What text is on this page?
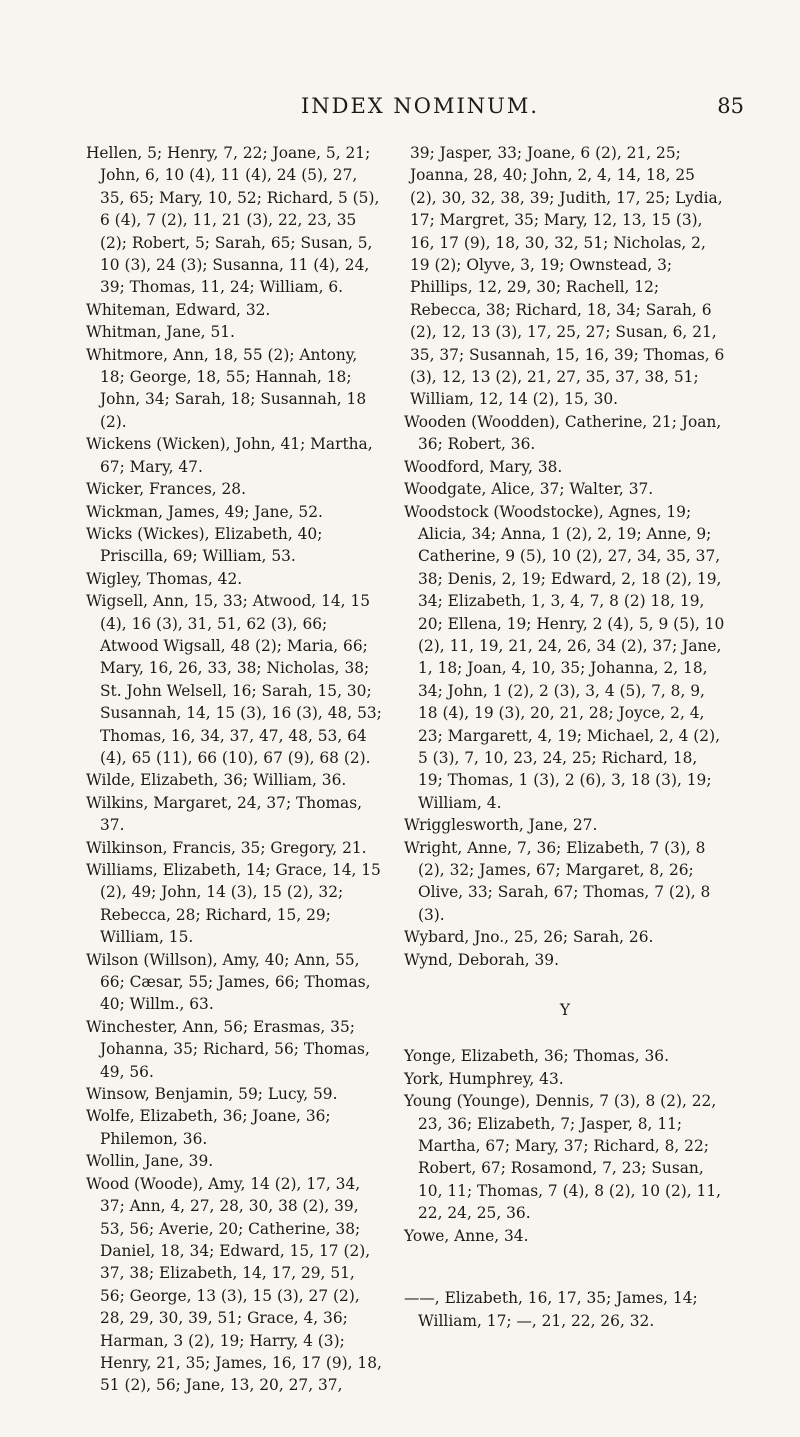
INDEX NOMINUM.	85

Hellen, 5; Henry, 7, 22; Joane, 5, 21; John, 6, 10 (4), 11 (4), 24 (5), 27, 35, 65; Mary, 10, 52; Richard, 5 (5), 6 (4), 7 (2), 11, 21 (3), 22, 23, 35 (2); Robert, 5; Sarah, 65; Susan, 5, 10 (3), 24 (3); Susanna, 11 (4), 24, 39; Thomas, 11, 24; William, 6.

Whiteman, Edward, 32.

Whitman, Jane, 51.

Whitmore, Ann, 18, 55 (2); Antony, 18; George, 18, 55; Hannah, 18; John, 34; Sarah, 18; Susannah, 18 (2).

Wickens (Wicken), John, 41; Martha, 67; Mary, 47.

Wicker, Frances, 28.

Wickman, James, 49; Jane, 52.

Wicks (Wickes), Elizabeth, 40; Priscilla, 69; William, 53.

Wigley, Thomas, 42.

Wigsell, Ann, 15, 33; Atwood, 14, 15 (4), 16 (3), 31, 51, 62 (3), 66; Atwood Wigsall, 48 (2); Maria, 66; Mary, 16, 26, 33, 38; Nicholas, 38; St. John Welsell, 16; Sarah, 15, 30; Susannah, 14, 15 (3), 16 (3), 48, 53; Thomas, 16, 34, 37, 47, 48, 53, 64 (4), 65 (11), 66 (10), 67 (9), 68 (2).

Wilde, Elizabeth, 36; William, 36.

Wilkins, Margaret, 24, 37; Thomas, 37.

Wilkinson, Francis, 35; Gregory, 21.

Williams, Elizabeth, 14; Grace, 14, 15 (2), 49; John, 14 (3), 15 (2), 32; Rebecca, 28; Richard, 15, 29; William, 15.

Wilson (Willson), Amy, 40; Ann, 55, 66; Cæsar, 55; James, 66; Thomas, 40; Willm., 63.

Winchester, Ann, 56; Erasmas, 35; Johanna, 35; Richard, 56; Thomas, 49, 56.

Winsow, Benjamin, 59; Lucy, 59.

Wolfe, Elizabeth, 36; Joane, 36; Philemon, 36.

Wollin, Jane, 39.

Wood (Woode), Amy, 14 (2), 17, 34, 37; Ann, 4, 27, 28, 30, 38 (2), 39, 53, 56; Averie, 20; Catherine, 38; Daniel, 18, 34; Edward, 15, 17 (2), 37, 38; Elizabeth, 14, 17, 29, 51, 56; George, 13 (3), 15 (3), 27 (2), 28, 29, 30, 39, 51; Grace, 4, 36; Harman, 3 (2), 19; Harry, 4 (3); Henry, 21, 35; James, 16, 17 (9), 18, 51 (2), 56; Jane, 13, 20, 27, 37,

39; Jasper, 33; Joane, 6 (2), 21, 25; Joanna, 28, 40; John, 2, 4, 14, 18, 25 (2), 30, 32, 38, 39; Judith, 17, 25; Lydia, 17; Margret, 35; Mary, 12, 13, 15 (3), 16, 17 (9), 18, 30, 32, 51; Nicholas, 2, 19 (2); Olyve, 3, 19; Ownstead, 3; Phillips, 12, 29, 30; Rachell, 12; Rebecca, 38; Richard, 18, 34; Sarah, 6 (2), 12, 13 (3), 17, 25, 27; Susan, 6, 21, 35, 37; Susannah, 15, 16, 39; Thomas, 6 (3), 12, 13 (2), 21, 27, 35, 37, 38, 51; William, 12, 14 (2), 15, 30.

Wooden (Woodden), Catherine, 21; Joan, 36; Robert, 36.

Woodford, Mary, 38.

Woodgate, Alice, 37; Walter, 37.

Woodstock (Woodstocke), Agnes, 19; Alicia, 34; Anna, 1 (2), 2, 19; Anne, 9; Catherine, 9 (5), 10 (2), 27, 34, 35, 37, 38; Denis, 2, 19; Edward, 2, 18 (2), 19, 34; Elizabeth, 1, 3, 4, 7, 8 (2) 18, 19, 20; Ellena, 19; Henry, 2 (4), 5, 9 (5), 10 (2), 11, 19, 21, 24, 26, 34 (2), 37; Jane, 1, 18; Joan, 4, 10, 35; Johanna, 2, 18, 34; John, 1 (2), 2 (3), 3, 4 (5), 7, 8, 9, 18 (4), 19 (3), 20, 21, 28; Joyce, 2, 4, 23; Margarett, 4, 19; Michael, 2, 4 (2), 5 (3), 7, 10, 23, 24, 25; Richard, 18, 19; Thomas, 1 (3), 2 (6), 3, 18 (3), 19; William, 4.

Wrigglesworth, Jane, 27.

Wright, Anne, 7, 36; Elizabeth, 7 (3), 8 (2), 32; James, 67; Margaret, 8, 26; Olive, 33; Sarah, 67; Thomas, 7 (2), 8 (3).

Wybard, Jno., 25, 26; Sarah, 26.

Wynd, Deborah, 39.

Y

Yonge, Elizabeth, 36; Thomas, 36.

York, Humphrey, 43.

Young (Younge), Dennis, 7 (3), 8 (2), 22, 23, 36; Elizabeth, 7; Jasper, 8, 11; Martha, 67; Mary, 37; Richard, 8, 22; Robert, 67; Rosamond, 7, 23; Susan, 10, 11; Thomas, 7 (4), 8 (2), 10 (2), 11, 22, 24, 25, 36.

Yowe, Anne, 34.

——, Elizabeth, 16, 17, 35; James, 14; William, 17; —, 21, 22, 26, 32.
